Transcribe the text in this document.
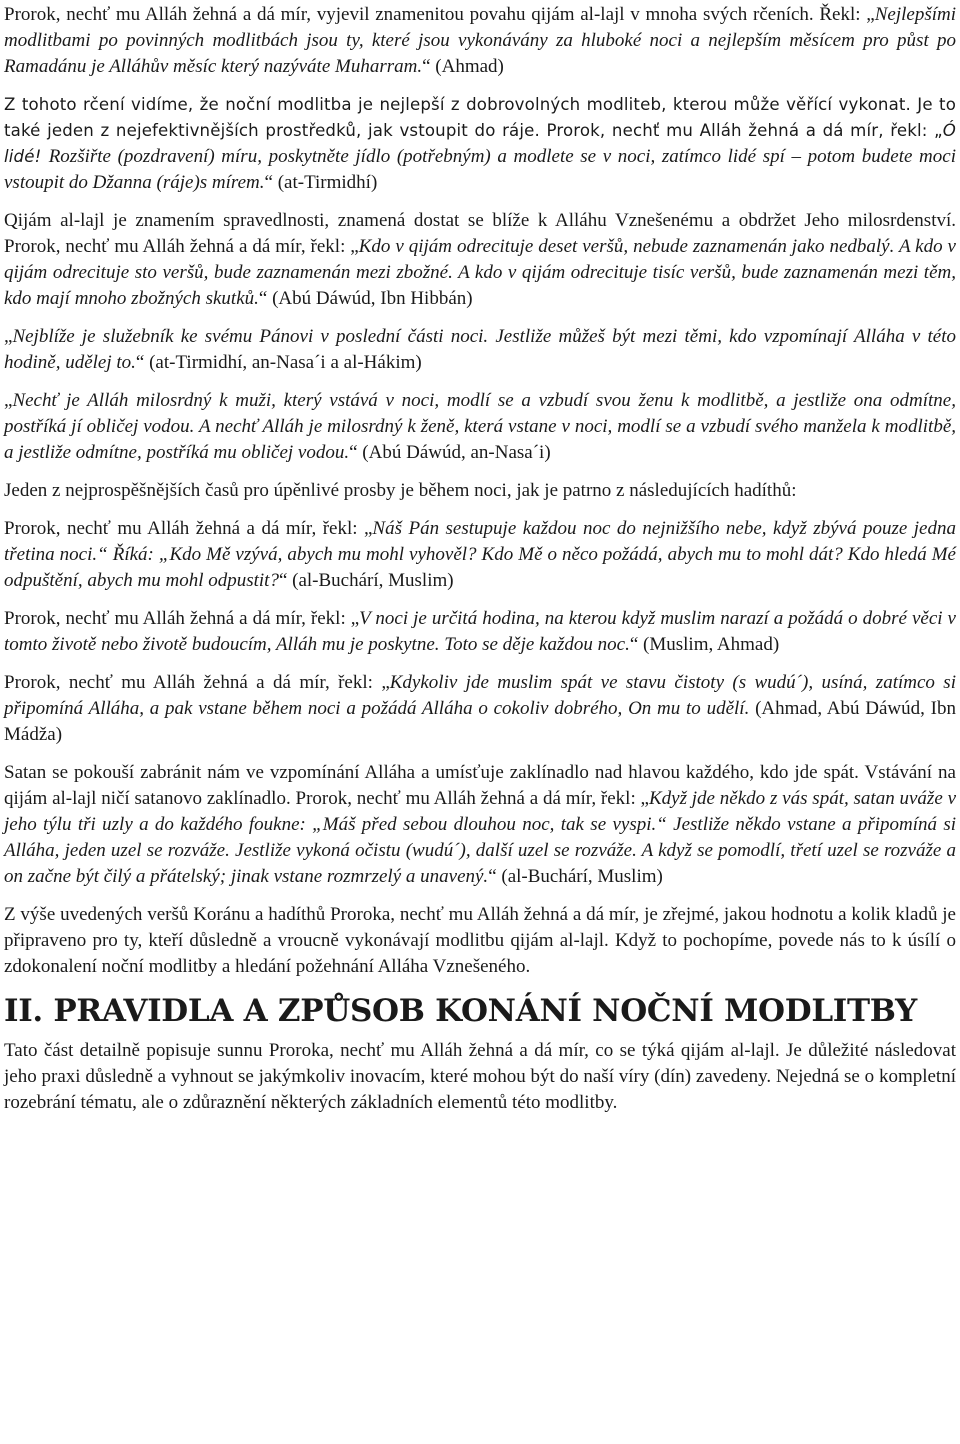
Prorok, nechť mu Alláh žehná a dá mír, vyjevil znamenitou povahu qijám al-lajl v mnoha svých rčeních. Řekl: „Nejlepšími modlitbami po povinných modlitbách jsou ty, které jsou vykonávány za hluboké noci a nejlepším měsícem pro půst po Ramadánu je Alláhův měsíc který nazýváte Muharram.“ (Ahmad)

Z tohoto rčení vidíme, že noční modlitba je nejlepší z dobrovolných modliteb, kterou může věřící vykonat. Je to také jeden z nejefektivnějších prostředků, jak vstoupit do ráje. Prorok, nechť mu Alláh žehná a dá mír, řekl: „Ó lidé! Rozšiřte (pozdravení) míru, poskytněte jídlo (potřebným) a modlete se v noci, zatímco lidé spí – potom budete moci vstoupit do Džanna (ráje)s mírem.“ (at-Tirmidhí)

Qijám al-lajl je znamením spravedlnosti, znamená dostat se blíže k Alláhu Vznešenému a obdržet Jeho milosrdenství. Prorok, nechť mu Alláh žehná a dá mír, řekl: „Kdo v qijám odrecituje deset veršů, nebude zaznamenán jako nedbalý. A kdo v qijám odrecituje sto veršů, bude zaznamenán mezi zbožné. A kdo v qijám odrecituje tisíc veršů, bude zaznamenán mezi těm, kdo mají mnoho zbožných skutků.“ (Abú Dáwúd, Ibn Hibbán)

„Nejblíže je služebník ke svému Pánovi v poslední části noci. Jestliže můžeš být mezi těmi, kdo vzpomínají Alláha v této hodině, udělej to.“ (at-Tirmidhí, an-Nasa´i a al-Hákim)

„Nechť je Alláh milosrdný k muži, který vstává v noci, modlí se a vzbudí svou ženu k modlitbě, a jestliže ona odmítne, postříká jí obličej vodou. A nechť Alláh je milosrdný k ženě, která vstane v noci, modlí se a vzbudí svého manžela k modlitbě, a jestliže odmítne, postříká mu obličej vodou.“ (Abú Dáwúd, an-Nasa´i)

Jeden z nejprospěšnějších časů pro úpěnlivé prosby je během noci, jak je patrno z následujících hadíthů:

Prorok, nechť mu Alláh žehná a dá mír, řekl: „Náš Pán sestupuje každou noc do nejnižšího nebe, když zbývá pouze jedna třetina noci.“ Říká: „Kdo Mě vzývá, abych mu mohl vyhověl? Kdo Mě o něco požádá, abych mu to mohl dát? Kdo hledá Mé odpuštění, abych mu mohl odpustit?“ (al-Buchárí, Muslim)

Prorok, nechť mu Alláh žehná a dá mír, řekl: „V noci je určitá hodina, na kterou když muslim narazí a požádá o dobré věci v tomto životě nebo životě budoucím, Alláh mu je poskytne. Toto se děje každou noc.“ (Muslim, Ahmad)

Prorok, nechť mu Alláh žehná a dá mír, řekl: „Kdykoliv jde muslim spát ve stavu čistoty (s wudú´), usíná, zatímco si připomíná Alláha, a pak vstane během noci a požádá Alláha o cokoliv dobrého, On mu to udělí. (Ahmad, Abú Dáwúd, Ibn Mádža)

Satan se pokouší zabránit nám ve vzpomínání Alláha a umísťuje zaklínadlo nad hlavou každého, kdo jde spát. Vstávání na qijám al-lajl ničí satanovo zaklínadlo. Prorok, nechť mu Alláh žehná a dá mír, řekl: „Když jde někdo z vás spát, satan uváže v jeho týlu tři uzly a do každého foukne: „Máš před sebou dlouhou noc, tak se vyspi.“ Jestliže někdo vstane a připomíná si Alláha, jeden uzel se rozváže. Jestliže vykoná očistu (wudú´), další uzel se rozváže. A když se pomodlí, třetí uzel se rozváže a on začne být čilý a přátelský; jinak vstane rozmrzelý a unavený.“ (al-Buchárí, Muslim)

Z výše uvedených veršů Koránu a hadíthů Proroka, nechť mu Alláh žehná a dá mír, je zřejmé, jakou hodnotu a kolik kladů je připraveno pro ty, kteří důsledně a vroucně vykonávají modlitbu qijám al-lajl. Když to pochopíme, povede nás to k úsílí o zdokonalení noční modlitby a hledání požehnání Alláha Vznešeného.

II. PRAVIDLA A ZPŮSOB KONÁNÍ NOČNÍ MODLITBY

Tato část detailně popisuje sunnu Proroka, nechť mu Alláh žehná a dá mír, co se týká qijám al-lajl. Je důležité následovat jeho praxi důsledně a vyhnout se jakýmkoliv inovacím, které mohou být do naší víry (dín) zavedeny. Nejedná se o kompletní rozebrání tématu, ale o zdůraznění některých základních elementů této modlitby.
